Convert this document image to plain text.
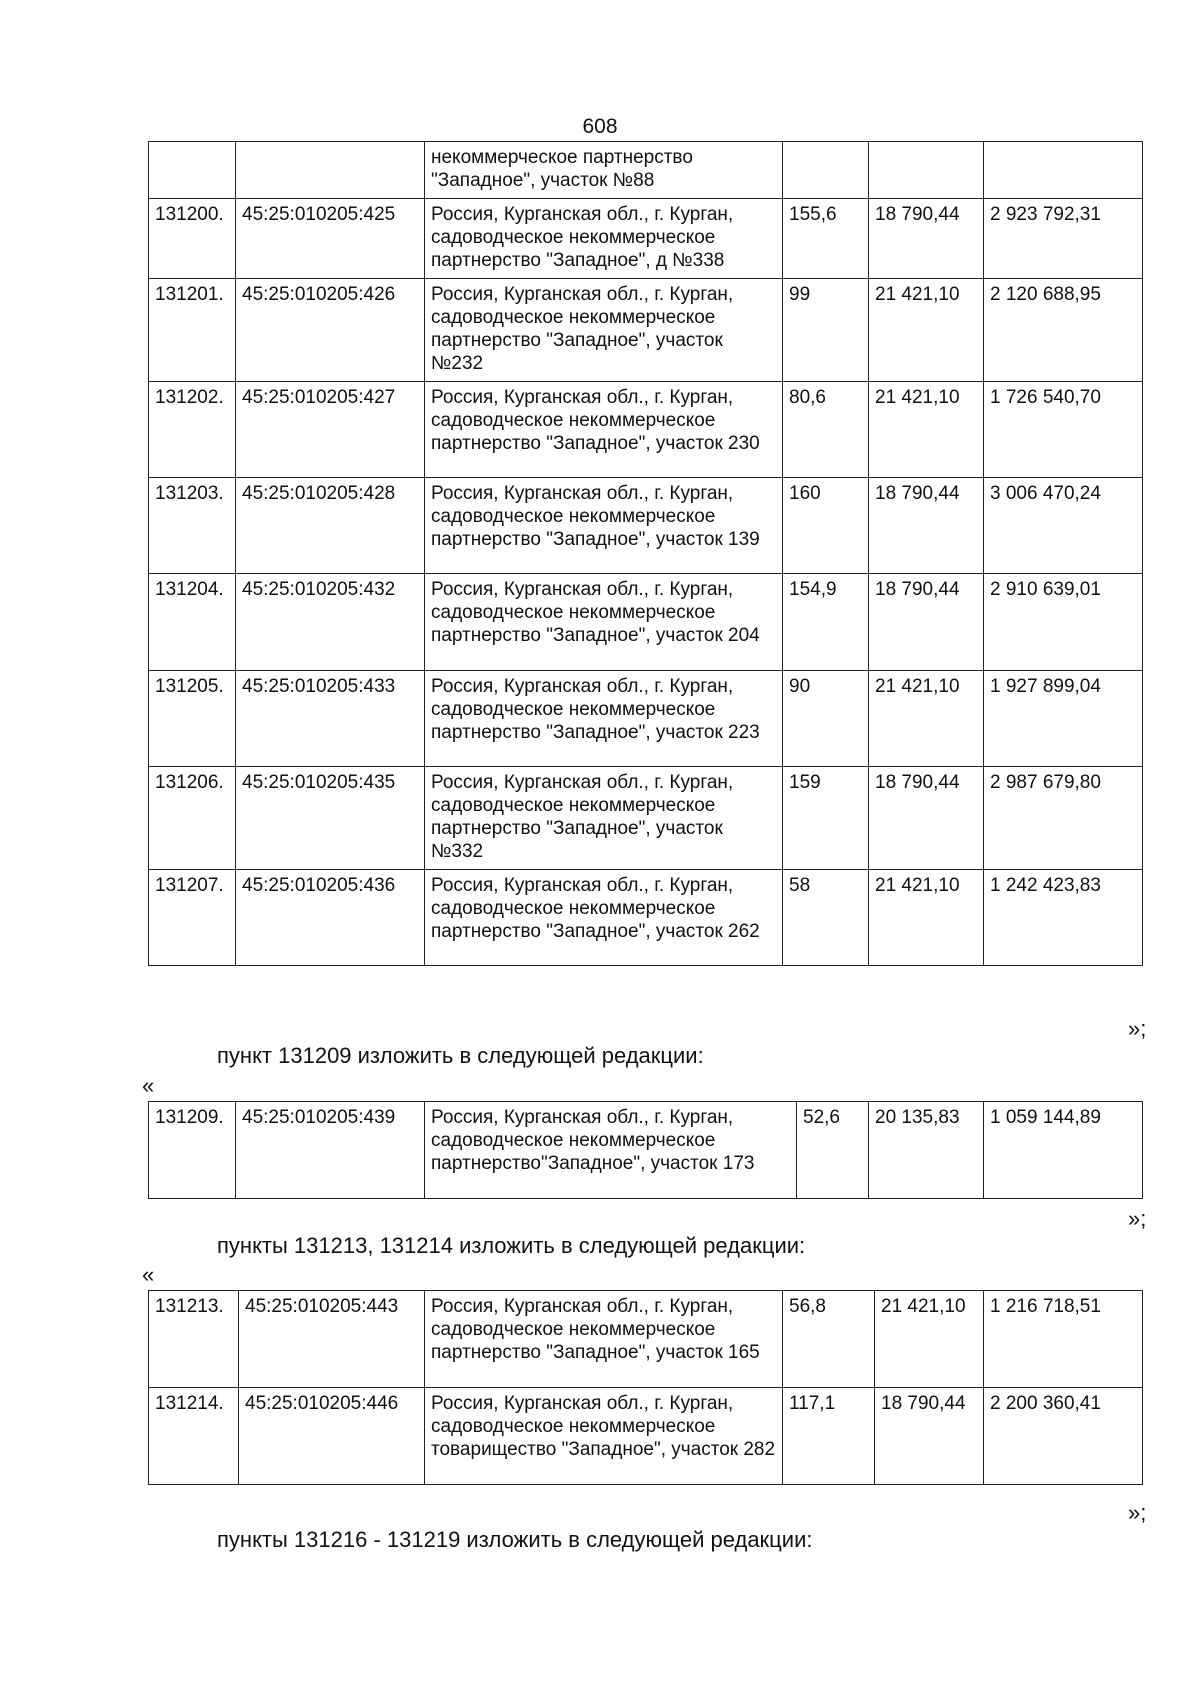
608
		некоммерческое партнерство "Западное", участок №88			
131200.	45:25:010205:425	Россия, Курганская обл., г. Курган, садоводческое некоммерческое партнерство "Западное", д №338	155,6	18 790,44	2 923 792,31
131201.	45:25:010205:426	Россия, Курганская обл., г. Курган, садоводческое некоммерческое партнерство "Западное", участок №232	99	21 421,10	2 120 688,95
131202.	45:25:010205:427	Россия, Курганская обл., г. Курган, садоводческое некоммерческое партнерство "Западное", участок 230	80,6	21 421,10	1 726 540,70
131203.	45:25:010205:428	Россия, Курганская обл., г. Курган, садоводческое некоммерческое партнерство "Западное", участок 139	160	18 790,44	3 006 470,24
131204.	45:25:010205:432	Россия, Курганская обл., г. Курган, садоводческое некоммерческое партнерство "Западное", участок 204	154,9	18 790,44	2 910 639,01
131205.	45:25:010205:433	Россия, Курганская обл., г. Курган, садоводческое некоммерческое партнерство "Западное", участок 223	90	21 421,10	1 927 899,04
131206.	45:25:010205:435	Россия, Курганская обл., г. Курган, садоводческое некоммерческое партнерство "Западное", участок №332	159	18 790,44	2 987 679,80
131207.	45:25:010205:436	Россия, Курганская обл., г. Курган, садоводческое некоммерческое партнерство "Западное", участок 262	58	21 421,10	1 242 423,83
»;
пункт 131209 изложить в следующей редакции:
«
131209.	45:25:010205:439	Россия, Курганская обл., г. Курган, садоводческое некоммерческое партнерство"Западное", участок 173	52,6	20 135,83	1 059 144,89
»;
пункты 131213, 131214 изложить в следующей редакции:
«
131213.	45:25:010205:443	Россия, Курганская обл., г. Курган, садоводческое некоммерческое партнерство "Западное", участок 165	56,8	21 421,10	1 216 718,51
131214.	45:25:010205:446	Россия, Курганская обл., г. Курган, садоводческое некоммерческое товарищество "Западное", участок 282	117,1	18 790,44	2 200 360,41
»;
пункты 131216 - 131219 изложить в следующей редакции:
